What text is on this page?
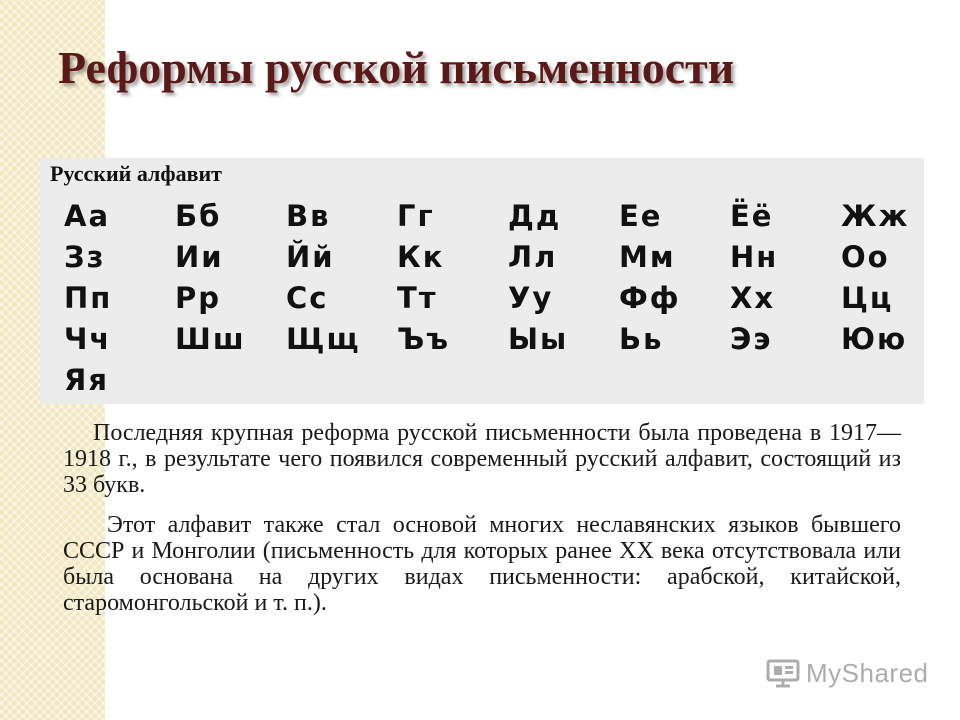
Реформы русской письменности
Русский алфавит
Аа	Бб	Вв	Гг	Дд	Ее	Ёё	Жж
Зз	Ии	Йй	Кк	Лл	Мм	Нн	Оо
Пп	Рр	Сс	Тт	Уу	Фф	Хх	Цц
Чч	Шш	Щщ	Ъъ	Ыы	Ьь	Ээ	Юю
Яя

Последняя крупная реформа русской письменности была проведена в 1917—1918 г., в результате чего появился современный русский алфавит, состоящий из 33 букв.

Этот алфавит также стал основой многих неславянских языков бывшего СССР и Монголии (письменность для которых ранее XX века отсутствовала или была основана на других видах письменности: арабской, китайской, старомонгольской и т. п.).

MyShared
